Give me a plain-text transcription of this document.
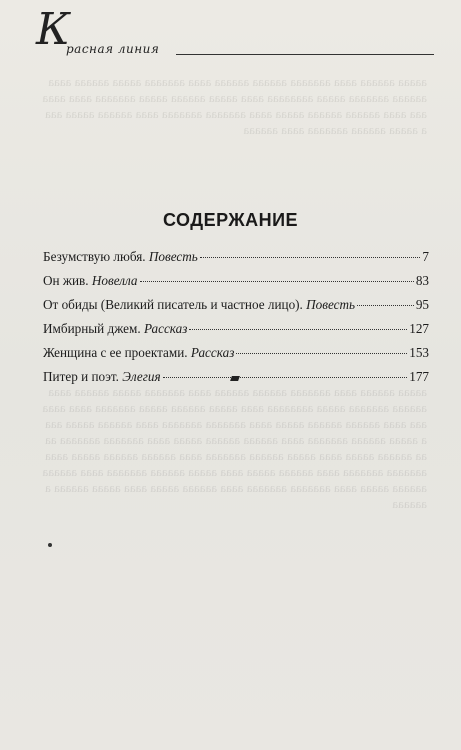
К
расная линия
ааааа аааааа аааа ааааааа аааааа аааааа аааа ааааааа ааааа аааааа аааа аааааа ааааааа ааааа аааааааа аааа ааааа аааааа ааааа ааааааа аааа ааааааа аааа аааааа аааааа ааааа аааа ааааааа ааааааа аааа аааааа ааааа аааа ааааа аааааа ааааааа аааа аааааа
ааааа аааааа аааа ааааааа аааааа аааааа аааа ааааааа ааааа аааааа аааа аааааа ааааааа ааааа аааааааа аааа ааааа аааааа ааааа ааааааа аааа ааааааа аааа аааааа аааааа ааааа аааа ааааааа ааааааа аааа аааааа ааааа аааа ааааа аааааа ааааааа аааа аааааа аааааа ааааа аааа ааааааа ааааааа аааа аааааа ааааа аааа ааааа аааааа ааааааа аааа аааааа аааааа ааааа аааа ааааааа ааааааа аааа аааааа ааааа аааа ааааа аааааа ааааааа аааа аааааа аааааа ааааа аааа ааааааа ааааааа аааа аааааа ааааа аааа ааааа аааааа ааааааа
СОДЕРЖАНИЕ
Безумствую любя. Повесть	7
Он жив. Новелла	83
От обиды (Великий писатель и частное лицо). Повесть	95
Имбирный джем. Рассказ	127
Женщина с ее проектами. Рассказ	153
Питер и поэт. Элегия	177
